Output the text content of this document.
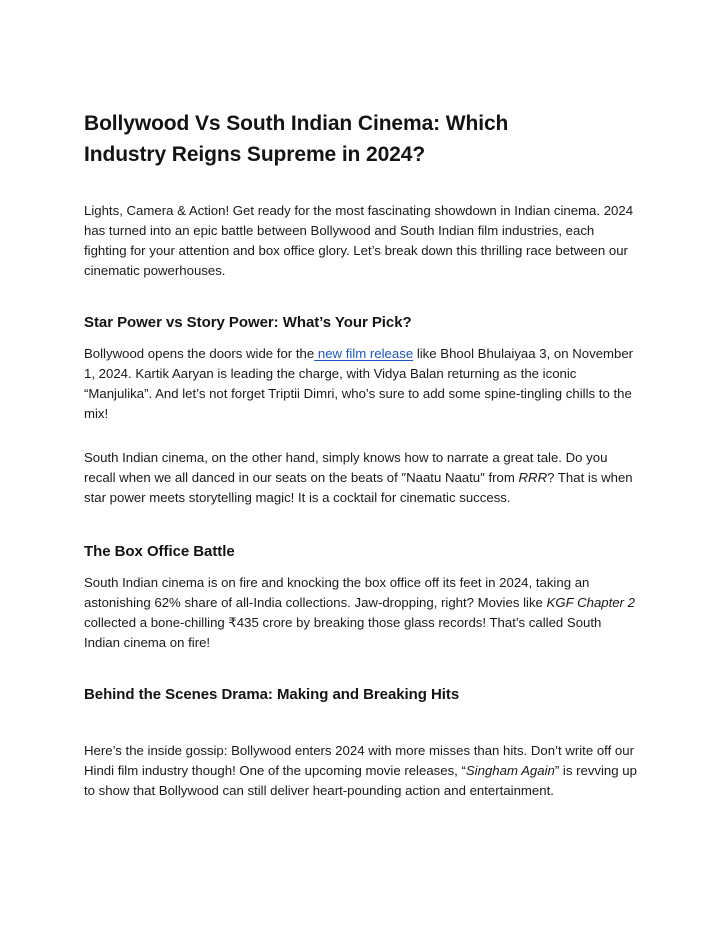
Bollywood Vs South Indian Cinema: Which Industry Reigns Supreme in 2024?

Lights, Camera & Action! Get ready for the most fascinating showdown in Indian cinema. 2024 has turned into an epic battle between Bollywood and South Indian film industries, each fighting for your attention and box office glory. Let’s break down this thrilling race between our cinematic powerhouses.

Star Power vs Story Power: What’s Your Pick?

Bollywood opens the doors wide for the new film release like Bhool Bhulaiyaa 3, on November 1, 2024. Kartik Aaryan is leading the charge, with Vidya Balan returning as the iconic “Manjulika”. And let’s not forget Triptii Dimri, who’s sure to add some spine-tingling chills to the mix!

South Indian cinema, on the other hand, simply knows how to narrate a great tale. Do you recall when we all danced in our seats on the beats of ″Naatu Naatu″ from RRR? That is when star power meets storytelling magic! It is a cocktail for cinematic success.

The Box Office Battle

South Indian cinema is on fire and knocking the box office off its feet in 2024, taking an astonishing 62% share of all-India collections. Jaw-dropping, right? Movies like KGF Chapter 2 collected a bone-chilling ₹435 crore by breaking those glass records! That’s called South Indian cinema on fire!

Behind the Scenes Drama: Making and Breaking Hits

Here’s the inside gossip: Bollywood enters 2024 with more misses than hits. Don’t write off our Hindi film industry though! One of the upcoming movie releases, “Singham Again” is revving up to show that Bollywood can still deliver heart-pounding action and entertainment.
